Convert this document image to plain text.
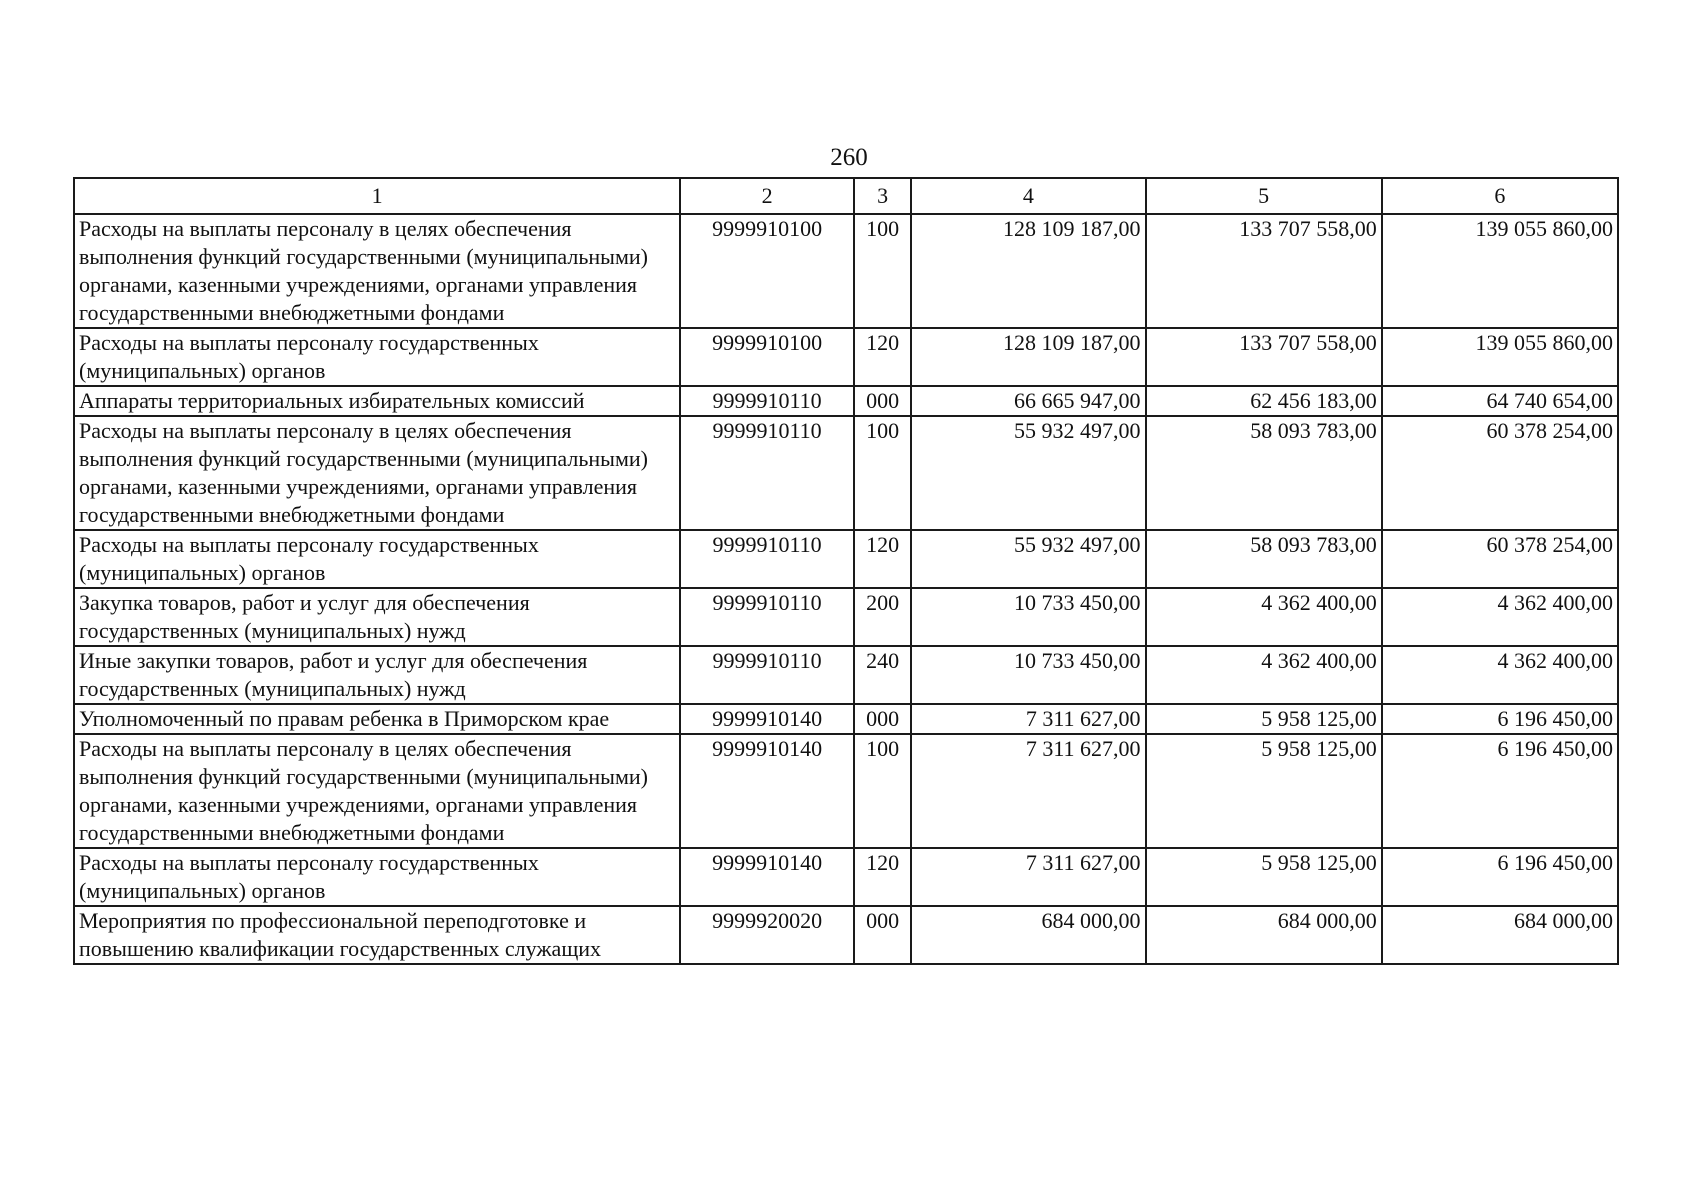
260
1	2	3	4	5	6
Расходы на выплаты персоналу в целях обеспечения выполнения функций государственными (муниципальными) органами, казенными учреждениями, органами управления государственными внебюджетными фондами	9999910100	100	128 109 187,00	133 707 558,00	139 055 860,00
Расходы на выплаты персоналу государственных (муниципальных) органов	9999910100	120	128 109 187,00	133 707 558,00	139 055 860,00
Аппараты территориальных избирательных комиссий	9999910110	000	66 665 947,00	62 456 183,00	64 740 654,00
Расходы на выплаты персоналу в целях обеспечения выполнения функций государственными (муниципальными) органами, казенными учреждениями, органами управления государственными внебюджетными фондами	9999910110	100	55 932 497,00	58 093 783,00	60 378 254,00
Расходы на выплаты персоналу государственных (муниципальных) органов	9999910110	120	55 932 497,00	58 093 783,00	60 378 254,00
Закупка товаров, работ и услуг для обеспечения государственных (муниципальных) нужд	9999910110	200	10 733 450,00	4 362 400,00	4 362 400,00
Иные закупки товаров, работ и услуг для обеспечения государственных (муниципальных) нужд	9999910110	240	10 733 450,00	4 362 400,00	4 362 400,00
Уполномоченный по правам ребенка в Приморском крае	9999910140	000	7 311 627,00	5 958 125,00	6 196 450,00
Расходы на выплаты персоналу в целях обеспечения выполнения функций государственными (муниципальными) органами, казенными учреждениями, органами управления государственными внебюджетными фондами	9999910140	100	7 311 627,00	5 958 125,00	6 196 450,00
Расходы на выплаты персоналу государственных (муниципальных) органов	9999910140	120	7 311 627,00	5 958 125,00	6 196 450,00
Мероприятия по профессиональной переподготовке и повышению квалификации государственных служащих	9999920020	000	684 000,00	684 000,00	684 000,00
